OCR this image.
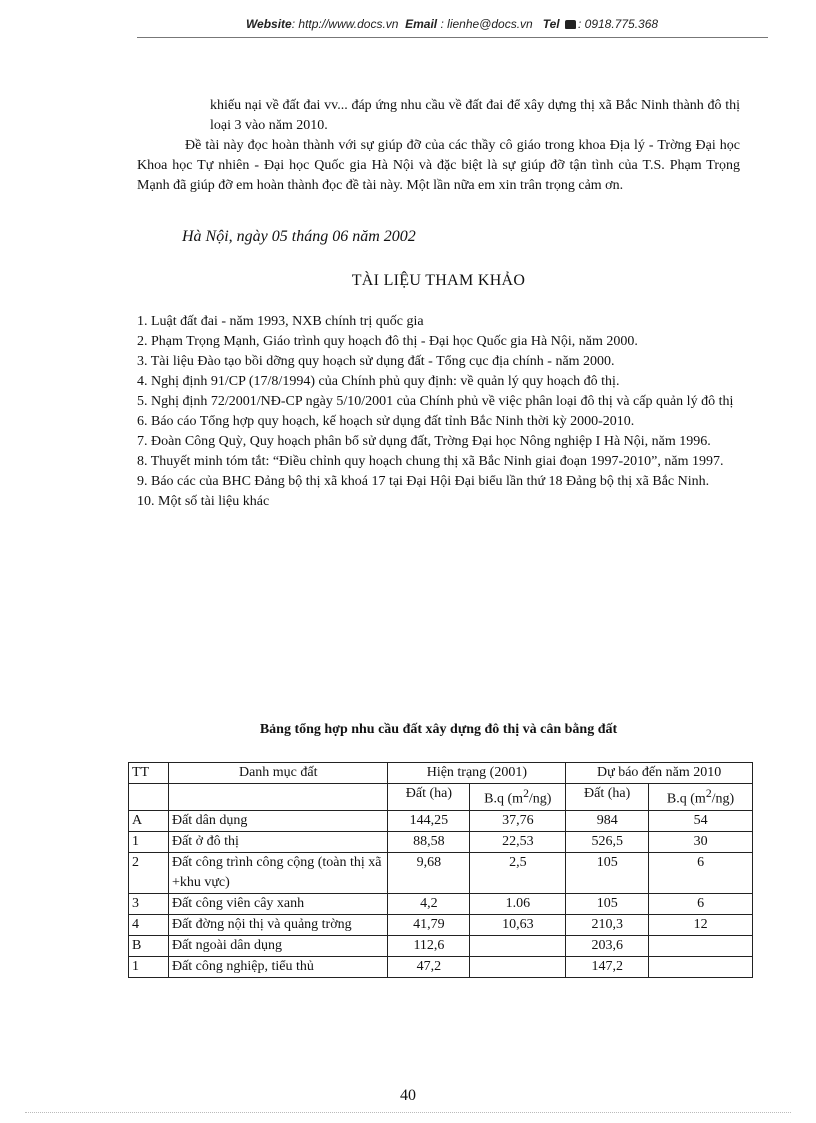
Website: http://www.docs.vn Email : lienhe@docs.vn Tel : 0918.775.368
khiếu nại về đất đai vv... đáp ứng nhu cầu về đất đai để xây dựng thị xã Bắc Ninh thành đô thị loại 3 vào năm 2010.
Đề tài này đọc hoàn thành với sự giúp đỡ của các thầy cô giáo trong khoa Địa lý - Trờng Đại học Khoa học Tự nhiên - Đại học Quốc gia Hà Nội và đặc biệt là sự giúp đỡ tận tình của T.S. Phạm Trọng Mạnh đã giúp đỡ em hoàn thành đọc đề tài này. Một lần nữa em xin trân trọng cảm ơn.
Hà Nội, ngày 05 tháng 06 năm 2002
TÀI LIỆU THAM KHẢO
1. Luật đất đai - năm 1993, NXB chính trị quốc gia
2. Phạm Trọng Mạnh, Giáo trình quy hoạch đô thị - Đại học Quốc gia Hà Nội, năm 2000.
3. Tài liệu Đào tạo bồi dỡng quy hoạch sử dụng đất - Tổng cục địa chính - năm 2000.
4. Nghị định 91/CP (17/8/1994) của Chính phủ quy định: về quản lý quy hoạch đô thị.
5. Nghị định 72/2001/NĐ-CP ngày 5/10/2001 của Chính phủ về việc phân loại đô thị và cấp quản lý đô thị
6. Báo cáo Tổng hợp quy hoạch, kế hoạch sử dụng đất tỉnh Bắc Ninh thời kỳ 2000-2010.
7. Đoàn Công Quỳ, Quy hoạch phân bổ sử dụng đất, Trờng Đại học Nông nghiệp I Hà Nội, năm 1996.
8. Thuyết minh tóm tắt: “Điều chỉnh quy hoạch chung thị xã Bắc Ninh giai đoạn 1997-2010”, năm 1997.
9. Báo các của BHC Đảng bộ thị xã khoá 17 tại Đại Hội Đại biểu lần thứ 18 Đảng bộ thị xã Bắc Ninh.
10. Một số tài liệu khác
Bảng tổng hợp nhu cầu đất xây dựng đô thị và cân bằng đất
TT	Danh mục đất	Hiện trạng (2001)		Dự báo đến năm 2010	
		Đất (ha)	B.q $(m^2/ng)$	Đất (ha)	B.q $(m^2/ng)$
A	Đất dân dụng	144,25	37,76	984	54
1	Đất ở đô thị	88,58	22,53	526,5	30
2	Đất công trình công cộng (toàn thị xã +khu vực)	9,68	2,5	105	6
3	Đất công viên cây xanh	4,2	1.06	105	6
4	Đất đờng nội thị và quảng trờng	41,79	10,63	210,3	12
B	Đất ngoài dân dụng	112,6		203,6	
1	Đất công nghiệp, tiểu thủ	47,2		147,2	
40
